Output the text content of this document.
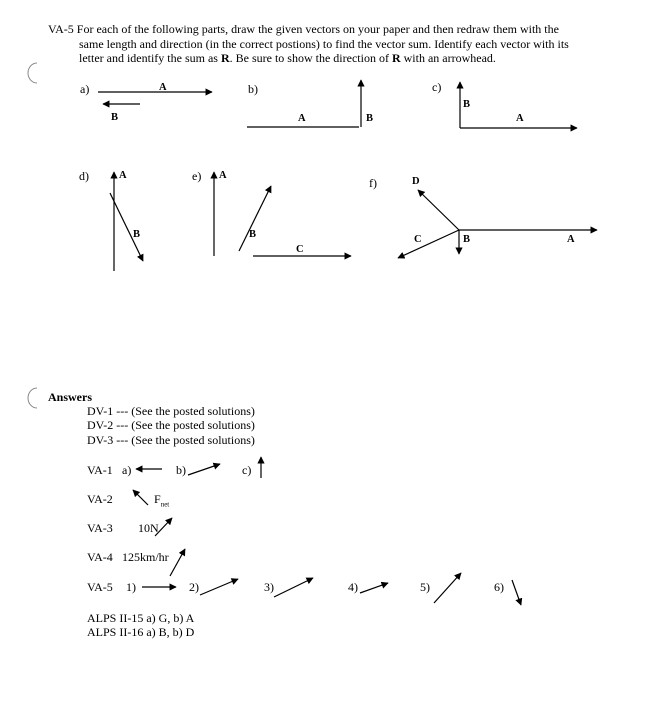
VA-5 For each of the following parts, draw the given vectors on your paper and then redraw them with the
same length and direction (in the correct postions) to find the vector sum. Identify each vector with its
letter and identify the sum as R. Be sure to show the direction of R with an arrowhead.
a)	b)	c)
d)	e)	f)
A
B	A	B
B
A
A
B
A
B
C
D
C	B	A
Answers
DV-1 --- (See the posted solutions)
DV-2 --- (See the posted solutions)
DV-3 --- (See the posted solutions)
VA-1 a)	b)	c)
VA-2	$F_{net}$
VA-3 10N
VA-4 125km/hr
VA-5 1)	2)	3)	4)	5)	6)
ALPS II-15 a) G, b) A
ALPS II-16 a) B, b) D
